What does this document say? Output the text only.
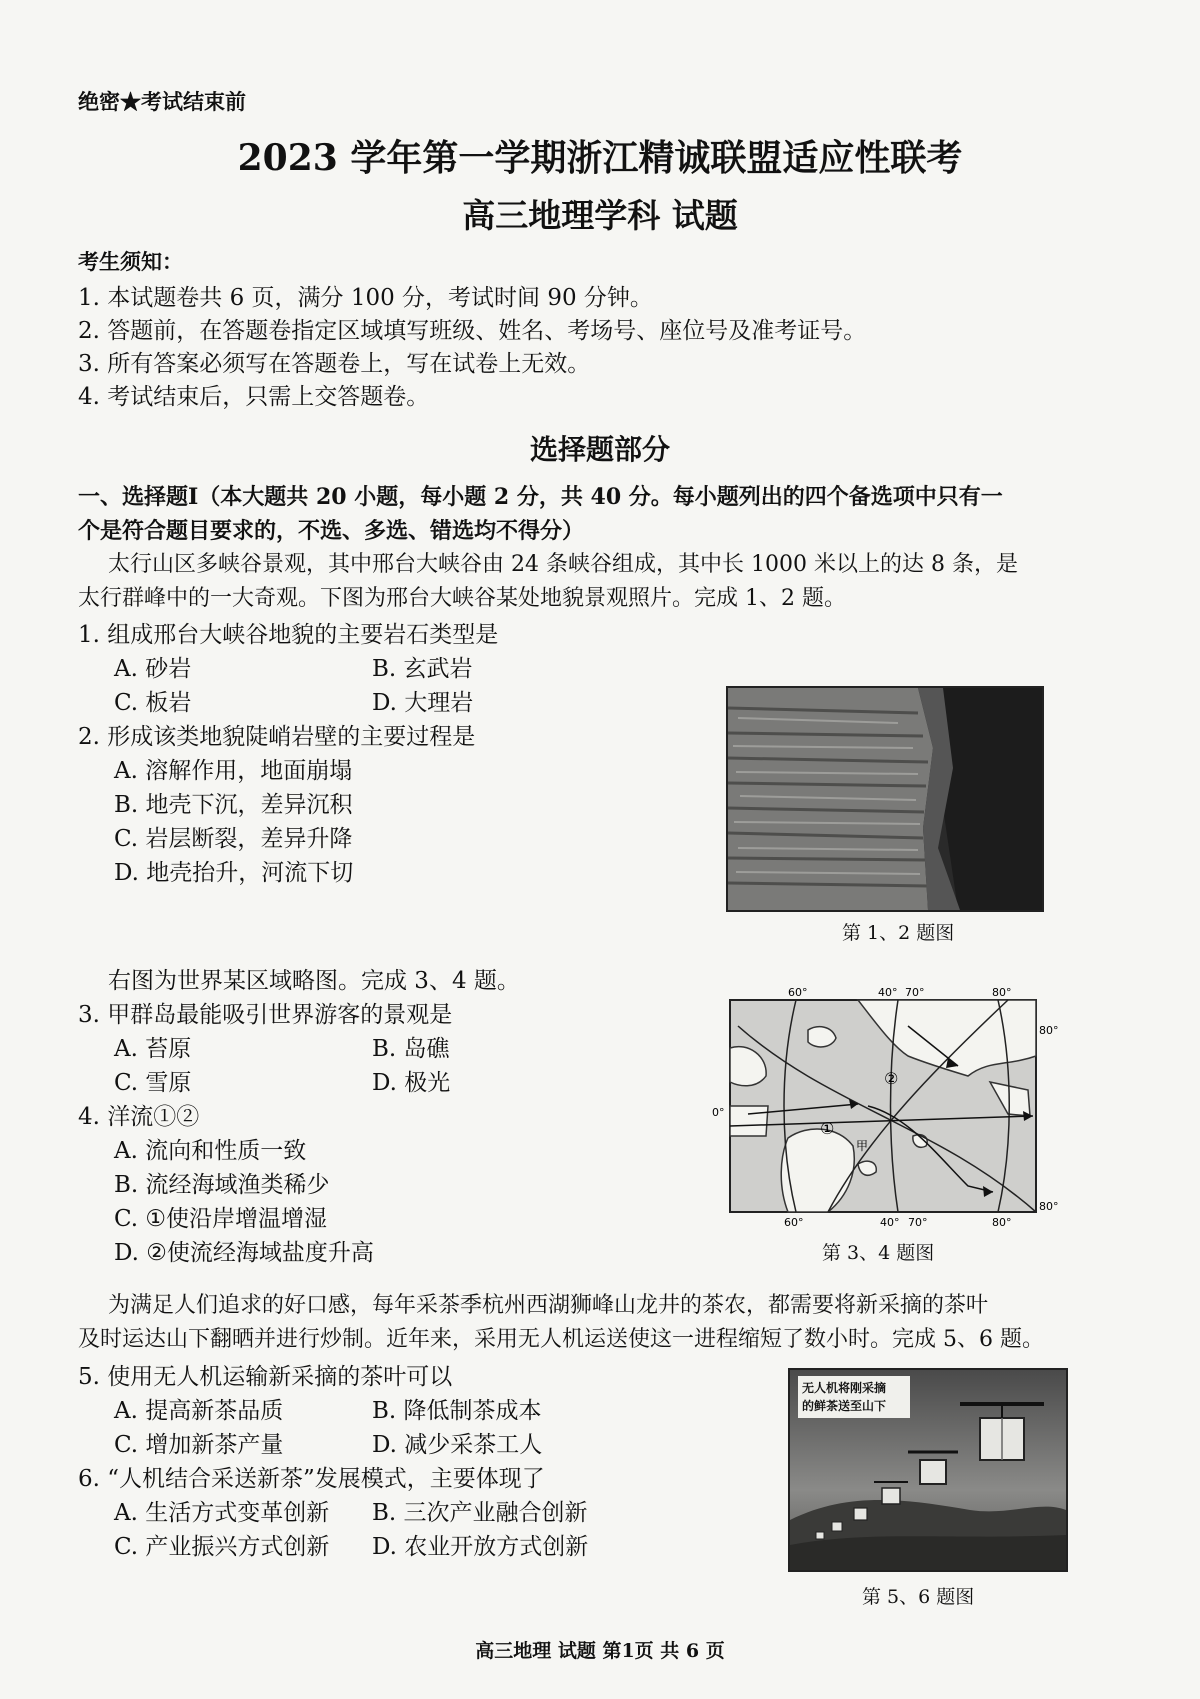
绝密★考试结束前
2023 学年第一学期浙江精诚联盟适应性联考
高三地理学科 试题
考生须知：
1. 本试题卷共 6 页，满分 100 分，考试时间 90 分钟。
2. 答题前，在答题卷指定区域填写班级、姓名、考场号、座位号及准考证号。
3. 所有答案必须写在答题卷上，写在试卷上无效。
4. 考试结束后，只需上交答题卷。
选择题部分
一、选择题Ⅰ（本大题共 20 小题，每小题 2 分，共 40 分。每小题列出的四个备选项中只有一
个是符合题目要求的，不选、多选、错选均不得分）
太行山区多峡谷景观，其中邢台大峡谷由 24 条峡谷组成，其中长 1000 米以上的达 8 条，是
太行群峰中的一大奇观。下图为邢台大峡谷某处地貌景观照片。完成 1、2 题。
1. 组成邢台大峡谷地貌的主要岩石类型是
A. 砂岩	B. 玄武岩
C. 板岩	D. 大理岩
2. 形成该类地貌陡峭岩壁的主要过程是
A. 溶解作用，地面崩塌
B. 地壳下沉，差异沉积
C. 岩层断裂，差异升降
D. 地壳抬升，河流下切
第 1、2 题图
右图为世界某区域略图。完成 3、4 题。
3. 甲群岛最能吸引世界游客的景观是
A. 苔原	B. 岛礁
C. 雪原	D. 极光
4. 洋流①②
A. 流向和性质一致
B. 流经海域渔类稀少
C. ①使沿岸增温增湿
D. ②使流经海域盐度升高
60°	40° 70°	80°
60°	40° 70°	80°
0°
80°
80°
①
②
甲
第 3、4 题图
为满足人们追求的好口感，每年采茶季杭州西湖狮峰山龙井的茶农，都需要将新采摘的茶叶
及时运达山下翻晒并进行炒制。近年来，采用无人机运送使这一进程缩短了数小时。完成 5、6 题。
5. 使用无人机运输新采摘的茶叶可以
A. 提高新茶品质	B. 降低制茶成本
C. 增加新茶产量	D. 减少采茶工人
6. “人机结合采送新茶”发展模式，主要体现了
A. 生活方式变革创新 B. 三次产业融合创新
C. 产业振兴方式创新 D. 农业开放方式创新
无人机将刚采摘
的鲜茶送至山下
第 5、6 题图
高三地理 试题 第1页 共 6 页
